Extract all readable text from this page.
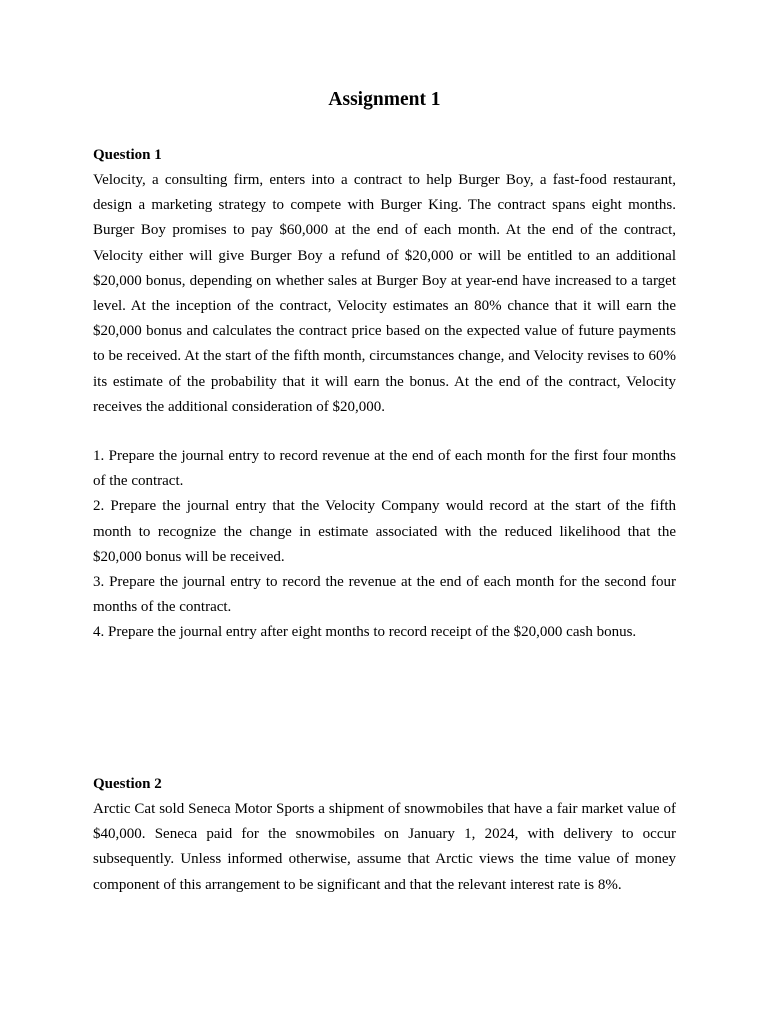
Assignment 1
Question 1

Velocity, a consulting firm, enters into a contract to help Burger Boy, a fast-food restaurant, design a marketing strategy to compete with Burger King. The contract spans eight months. Burger Boy promises to pay $60,000 at the end of each month. At the end of the contract, Velocity either will give Burger Boy a refund of $20,000 or will be entitled to an additional $20,000 bonus, depending on whether sales at Burger Boy at year-end have increased to a target level. At the inception of the contract, Velocity estimates an 80% chance that it will earn the $20,000 bonus and calculates the contract price based on the expected value of future payments to be received. At the start of the fifth month, circumstances change, and Velocity revises to 60% its estimate of the probability that it will earn the bonus. At the end of the contract, Velocity receives the additional consideration of $20,000.

1. Prepare the journal entry to record revenue at the end of each month for the first four months of the contract.

2. Prepare the journal entry that the Velocity Company would record at the start of the fifth month to recognize the change in estimate associated with the reduced likelihood that the $20,000 bonus will be received.

3. Prepare the journal entry to record the revenue at the end of each month for the second four months of the contract.

4. Prepare the journal entry after eight months to record receipt of the $20,000 cash bonus.

Question 2

Arctic Cat sold Seneca Motor Sports a shipment of snowmobiles that have a fair market value of $40,000. Seneca paid for the snowmobiles on January 1, 2024, with delivery to occur subsequently. Unless informed otherwise, assume that Arctic views the time value of money component of this arrangement to be significant and that the relevant interest rate is 8%.
